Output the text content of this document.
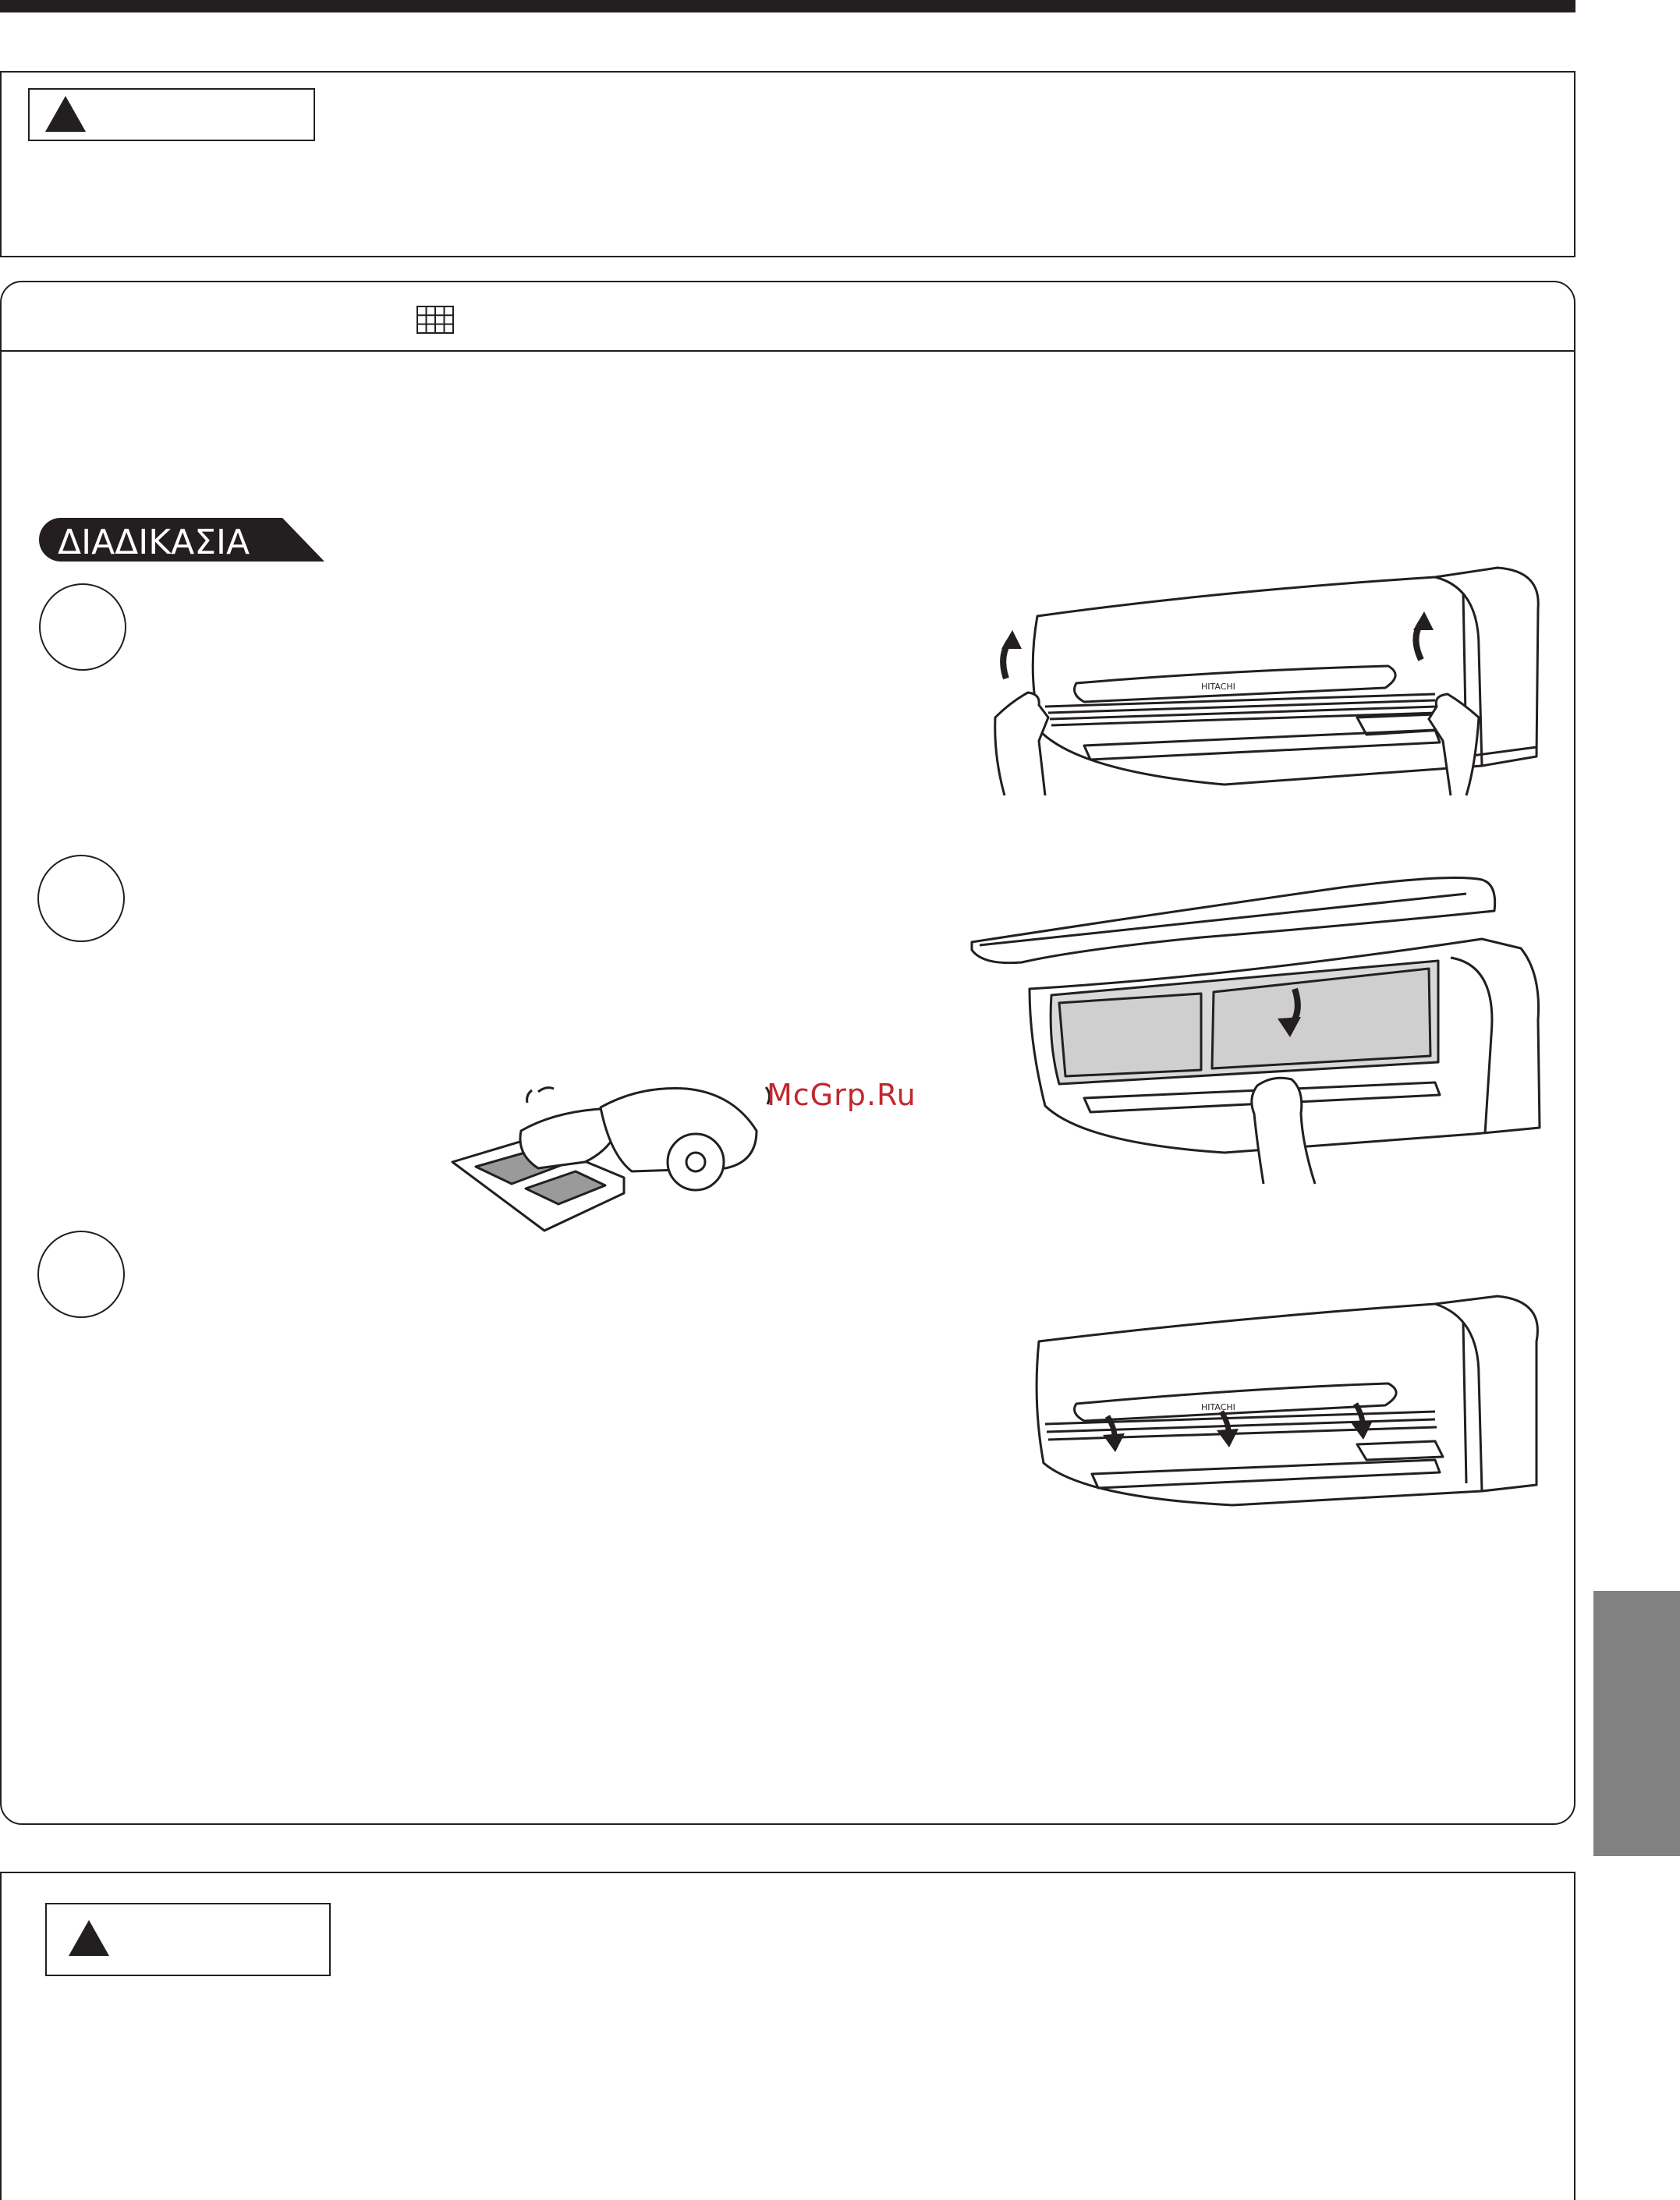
ΔΙΑΔΙΚΑΣΙΑ
HITACHI
McGrp.Ru
HITACHI
